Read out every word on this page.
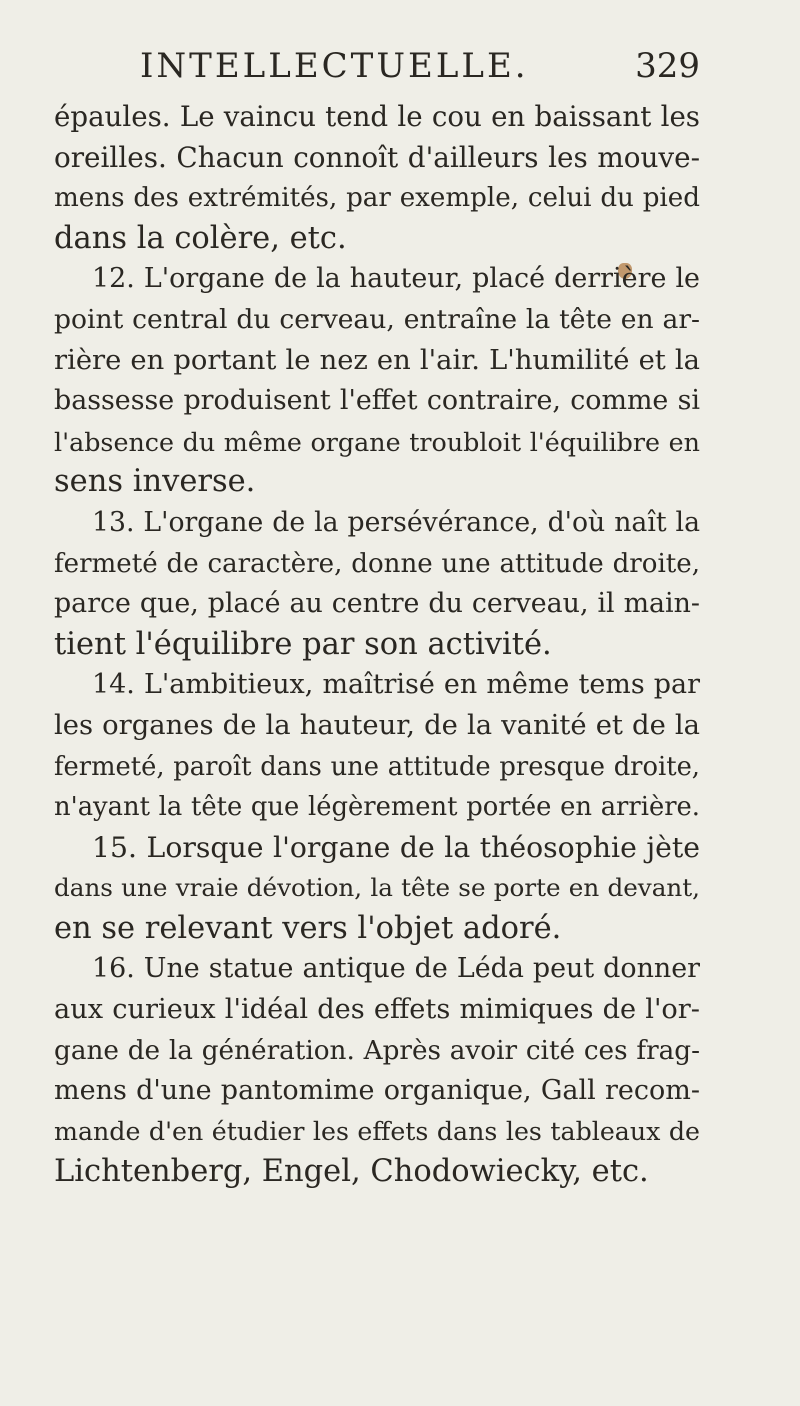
INTELLECTUELLE.	329
épaules. Le vaincu tend le cou en baissant les
oreilles. Chacun connoît d'ailleurs les mouve-
mens des extrémités, par exemple, celui du pied
dans la colère, etc.
12. L'organe de la hauteur, placé derrière le
point central du cerveau, entraîne la tête en ar-
rière en portant le nez en l'air. L'humilité et la
bassesse produisent l'effet contraire, comme si
l'absence du même organe troubloit l'équilibre en
sens inverse.
13. L'organe de la persévérance, d'où naît la
fermeté de caractère, donne une attitude droite,
parce que, placé au centre du cerveau, il main-
tient l'équilibre par son activité.
14. L'ambitieux, maîtrisé en même tems par
les organes de la hauteur, de la vanité et de la
fermeté, paroît dans une attitude presque droite,
n'ayant la tête que légèrement portée en arrière.
15. Lorsque l'organe de la théosophie jète
dans une vraie dévotion, la tête se porte en devant,
en se relevant vers l'objet adoré.
16. Une statue antique de Léda peut donner
aux curieux l'idéal des effets mimiques de l'or-
gane de la génération. Après avoir cité ces frag-
mens d'une pantomime organique, Gall recom-
mande d'en étudier les effets dans les tableaux de
Lichtenberg, Engel, Chodowiecky, etc.
